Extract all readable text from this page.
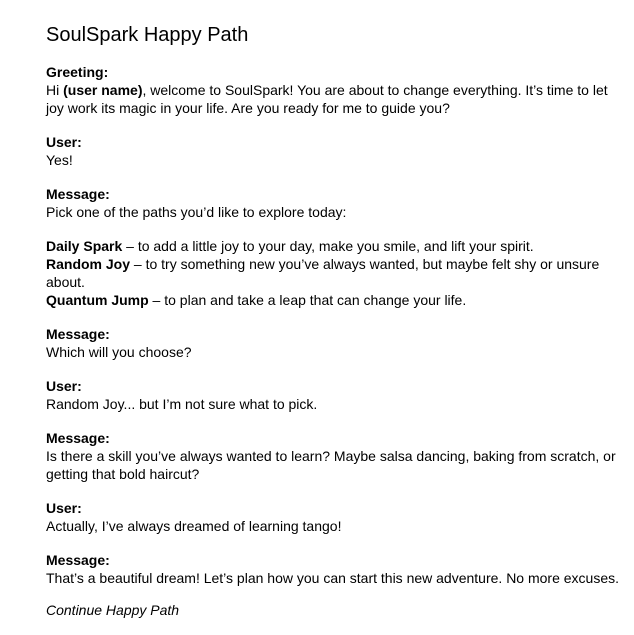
SoulSpark Happy Path
Greeting:
Hi (user name), welcome to SoulSpark! You are about to change everything. It’s time to let joy work its magic in your life. Are you ready for me to guide you?
User:
Yes!
Message:
Pick one of the paths you’d like to explore today:
Daily Spark – to add a little joy to your day, make you smile, and lift your spirit.
Random Joy – to try something new you’ve always wanted, but maybe felt shy or unsure about.
Quantum Jump – to plan and take a leap that can change your life.
Message:
Which will you choose?
User:
Random Joy... but I’m not sure what to pick.
Message:
Is there a skill you’ve always wanted to learn? Maybe salsa dancing, baking from scratch, or getting that bold haircut?
User:
Actually, I’ve always dreamed of learning tango!
Message:
That’s a beautiful dream! Let’s plan how you can start this new adventure. No more excuses.
Continue Happy Path
